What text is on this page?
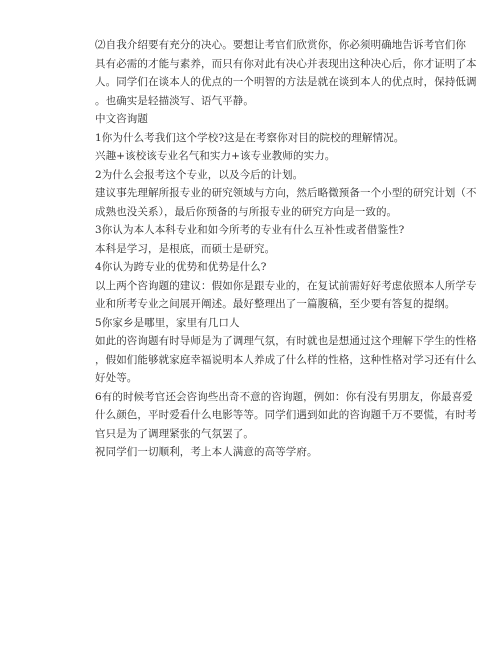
⑵自我介绍要有充分的决心。要想让考官们欣赏你，你必须明确地告诉考官们你
具有必需的才能与素养，而只有你对此有决心并表现出这种决心后，你才证明了本
人。同学们在谈本人的优点的一个明智的方法是就在谈到本人的优点时，保持低调
。也确实是轻描淡写、语气平静。
中文咨询题
1你为什么考我们这个学校?这是在考察你对目的院校的理解情况。
兴趣+该校该专业名气和实力+该专业教师的实力。
2为什么会报考这个专业，以及今后的计划。
建议事先理解所报专业的研究领域与方向，然后略微预备一个小型的研究计划（不
成熟也没关系），最后你预备的与所报专业的研究方向是一致的。
3你认为本人本科专业和如今所考的专业有什么互补性或者借鉴性?
本科是学习，是根底，而硕士是研究。
4你认为跨专业的优势和优势是什么?
以上两个咨询题的建议：假如你是跟专业的，在复试前需好好考虑依照本人所学专
业和所考专业之间展开阐述。最好整理出了一篇腹稿，至少要有答复的提纲。
5你家乡是哪里，家里有几口人
如此的咨询题有时导师是为了调理气氛，有时就也是想通过这个理解下学生的性格
，假如们能够就家庭幸福说明本人养成了什么样的性格，这种性格对学习还有什么
好处等。
6有的时候考官还会咨询些出奇不意的咨询题，例如：你有没有男朋友，你最喜爱
什么颜色，平时爱看什么电影等等。同学们遇到如此的咨询题千万不要慌，有时考
官只是为了调理紧张的气氛罢了。
祝同学们一切顺利，考上本人满意的高等学府。
